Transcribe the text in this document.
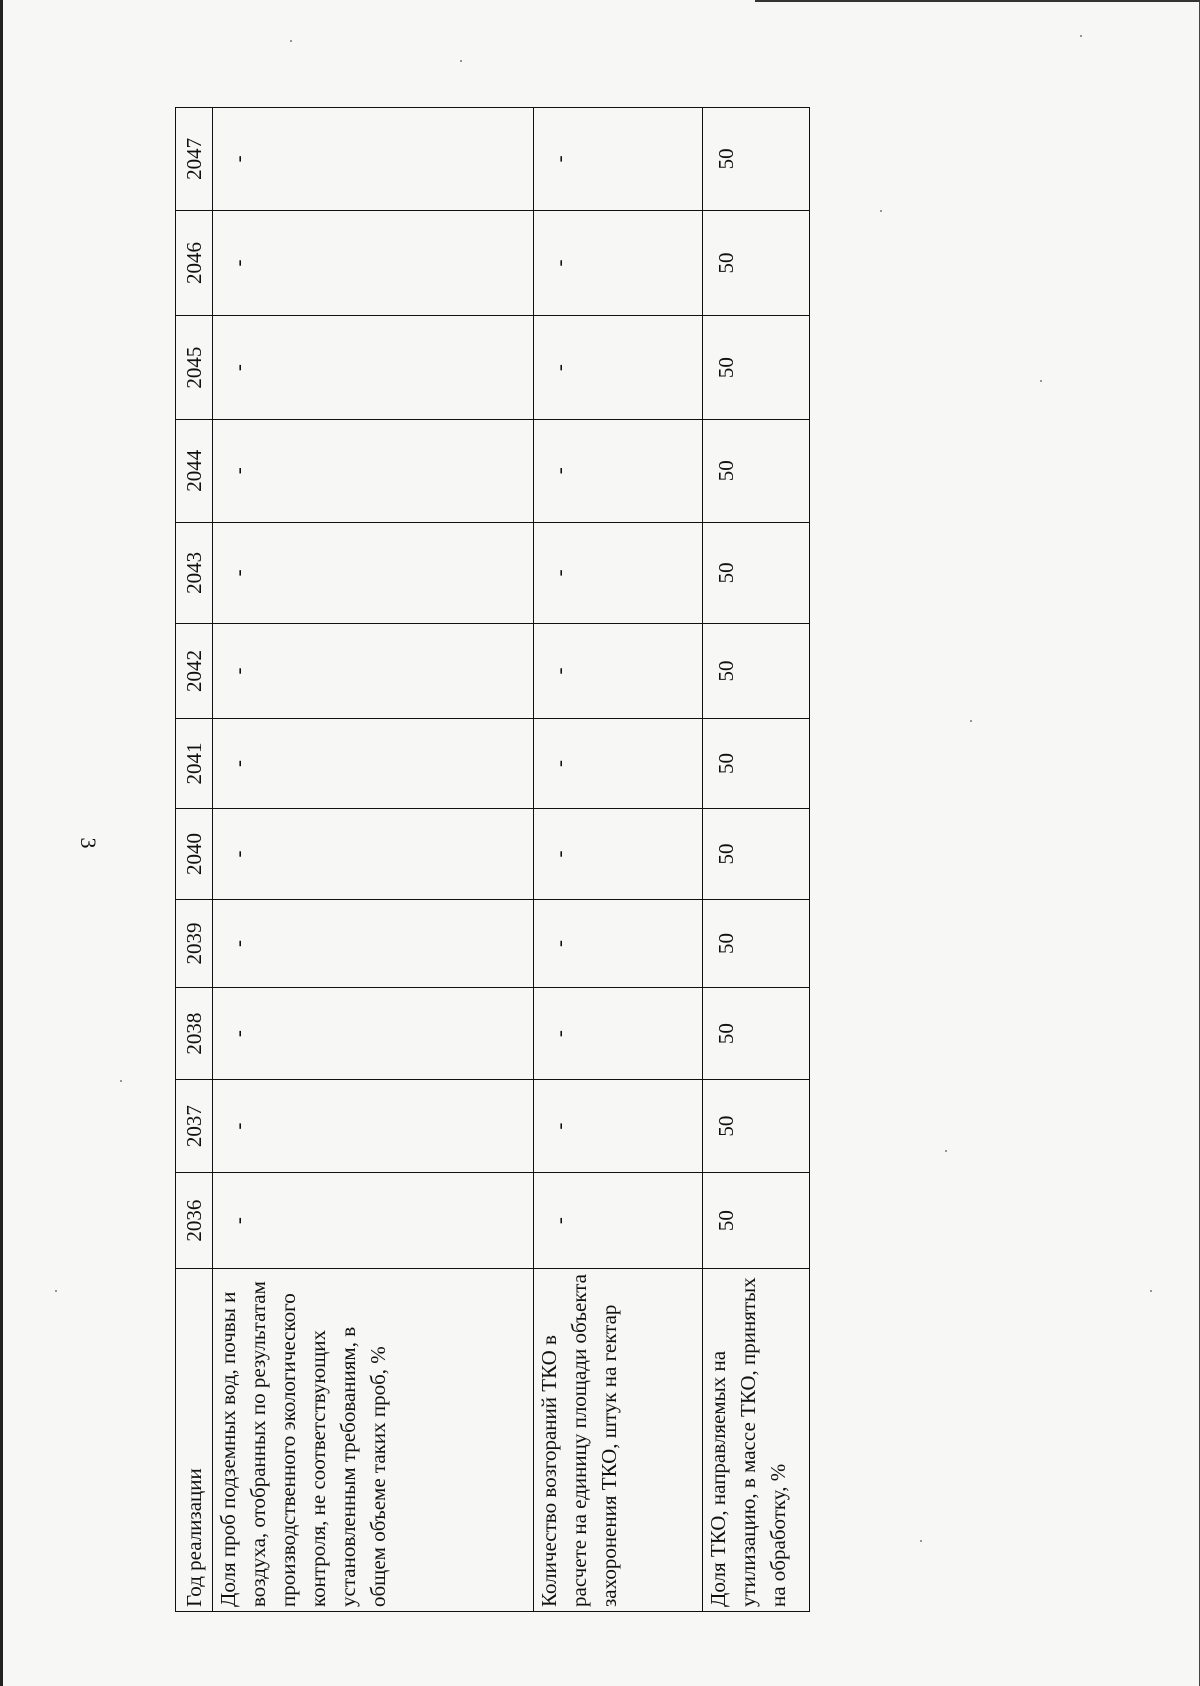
3
Год реализации	2036	2037	2038	2039	2040	2041	2042	2043	2044	2045	2046	2047
Доля проб подземных вод, почвы и воздуха, отобранных по результатам производственного экологического контроля, не соответствующих установленным требованиям, в общем объеме таких проб, %	-	-	-	-	-	-	-	-	-	-	-	-
Количество возгораний ТКО в расчете на единицу площади объекта захоронения ТКО, штук на гектар	-	-	-	-	-	-	-	-	-	-	-	-
Доля ТКО, направляемых на утилизацию, в массе ТКО, принятых на обработку, %	50	50	50	50	50	50	50	50	50	50	50	50
